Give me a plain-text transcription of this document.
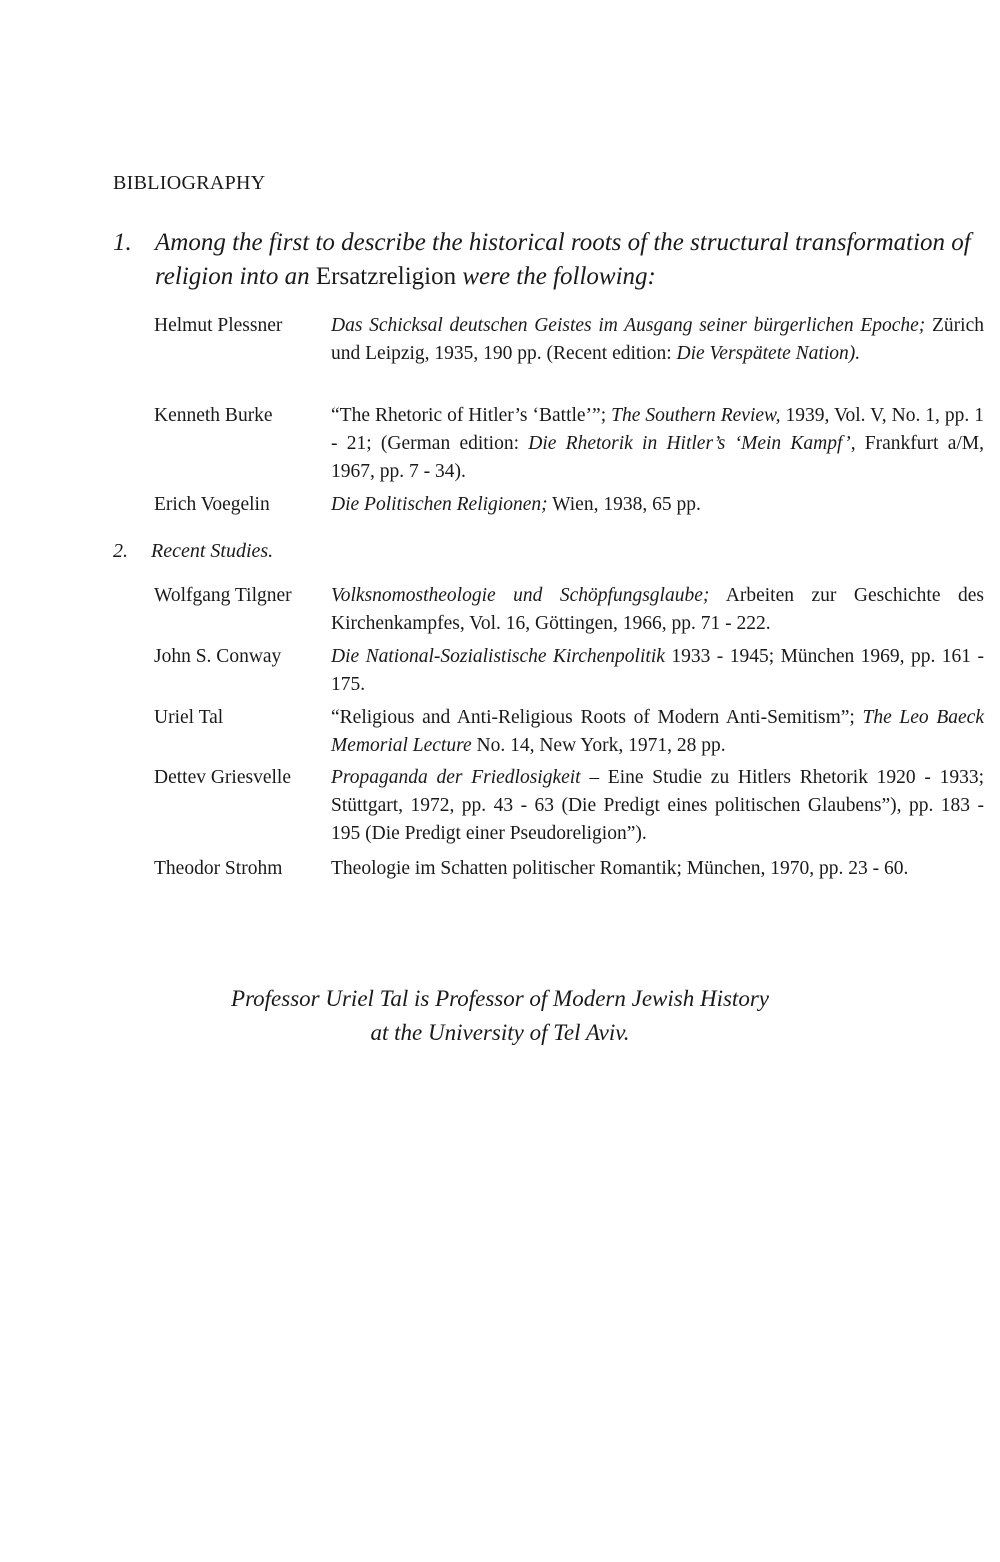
BIBLIOGRAPHY
1. Among the first to describe the historical roots of the structural transformation of religion into an Ersatzreligion were the following:
Helmut Plessner	Das Schicksal deutschen Geistes im Ausgang seiner bürgerlichen Epoche; Zürich und Leipzig, 1935, 190 pp. (Recent edition: Die Verspätete Nation).
Kenneth Burke	“The Rhetoric of Hitler’s ‘Battle’”; The Southern Review, 1939, Vol. V, No. 1, pp. 1 - 21; (German edition: Die Rhetorik in Hitler’s ‘Mein Kampf’, Frankfurt a/M, 1967, pp. 7 - 34).
Erich Voegelin	Die Politischen Religionen; Wien, 1938, 65 pp.
2. Recent Studies.
Wolfgang Tilgner	Volksnomostheologie und Schöpfungsglaube; Arbeiten zur Geschichte des Kirchenkampfes, Vol. 16, Göttingen, 1966, pp. 71 - 222.
John S. Conway	Die National-Sozialistische Kirchenpolitik 1933 - 1945; München 1969, pp. 161 - 175.
Uriel Tal	“Religious and Anti-Religious Roots of Modern Anti-Semitism”; The Leo Baeck Memorial Lecture No. 14, New York, 1971, 28 pp.
Dettev Griesvelle	Propaganda der Friedlosigkeit – Eine Studie zu Hitlers Rhetorik 1920 - 1933; Stüttgart, 1972, pp. 43 - 63 (Die Predigt eines politischen Glaubens”), pp. 183 - 195 (Die Predigt einer Pseudoreligion”).
Theodor Strohm	Theologie im Schatten politischer Romantik; München, 1970, pp. 23 - 60.
Professor Uriel Tal is Professor of Modern Jewish History
at the University of Tel Aviv.
